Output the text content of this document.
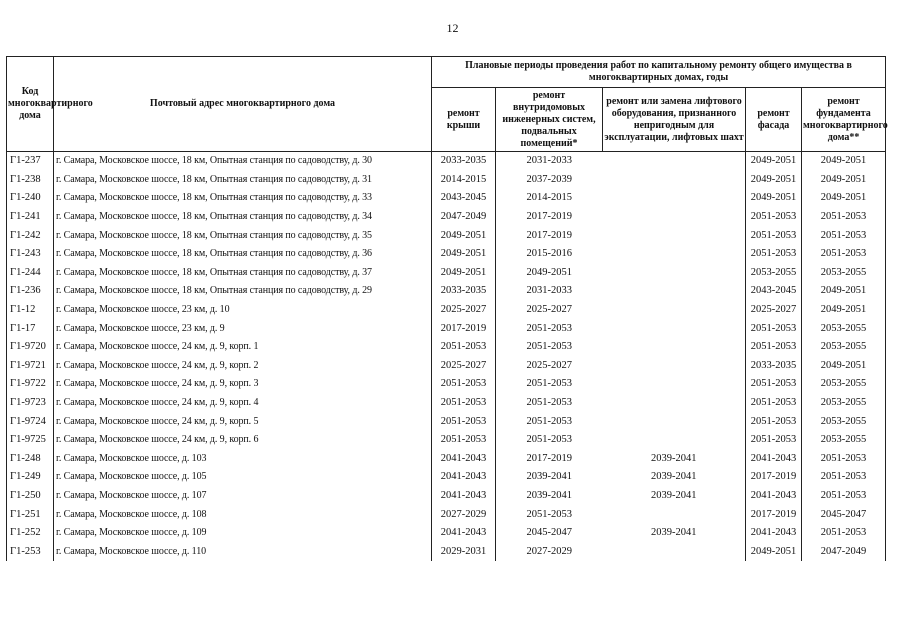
12
Код многоквартирного дома	Почтовый адрес многоквартирного дома	Плановые периоды проведения работ по капитальному ремонту общего имущества в многоквартирных домах, годы				
		ремонт крыши	ремонт внутридомовых инженерных систем, подвальных помещений*	ремонт или замена лифтового оборудования, признанного непригодным для эксплуатации, лифтовых шахт	ремонт фасада	ремонт фундамента многоквартирного дома**
Г1-237	г. Самара, Московское шоссе, 18 км, Опытная станция по садоводству, д. 30	2033-2035	2031-2033		2049-2051	2049-2051
Г1-238	г. Самара, Московское шоссе, 18 км, Опытная станция по садоводству, д. 31	2014-2015	2037-2039		2049-2051	2049-2051
Г1-240	г. Самара, Московское шоссе, 18 км, Опытная станция по садоводству, д. 33	2043-2045	2014-2015		2049-2051	2049-2051
Г1-241	г. Самара, Московское шоссе, 18 км, Опытная станция по садоводству, д. 34	2047-2049	2017-2019		2051-2053	2051-2053
Г1-242	г. Самара, Московское шоссе, 18 км, Опытная станция по садоводству, д. 35	2049-2051	2017-2019		2051-2053	2051-2053
Г1-243	г. Самара, Московское шоссе, 18 км, Опытная станция по садоводству, д. 36	2049-2051	2015-2016		2051-2053	2051-2053
Г1-244	г. Самара, Московское шоссе, 18 км, Опытная станция по садоводству, д. 37	2049-2051	2049-2051		2053-2055	2053-2055
Г1-236	г. Самара, Московское шоссе, 18 км, Опытная станция по садоводству, д. 29	2033-2035	2031-2033		2043-2045	2049-2051
Г1-12	г. Самара, Московское шоссе, 23 км, д. 10	2025-2027	2025-2027		2025-2027	2049-2051
Г1-17	г. Самара, Московское шоссе, 23 км, д. 9	2017-2019	2051-2053		2051-2053	2053-2055
Г1-9720	г. Самара, Московское шоссе, 24 км, д. 9, корп. 1	2051-2053	2051-2053		2051-2053	2053-2055
Г1-9721	г. Самара, Московское шоссе, 24 км, д. 9, корп. 2	2025-2027	2025-2027		2033-2035	2049-2051
Г1-9722	г. Самара, Московское шоссе, 24 км, д. 9, корп. 3	2051-2053	2051-2053		2051-2053	2053-2055
Г1-9723	г. Самара, Московское шоссе, 24 км, д. 9, корп. 4	2051-2053	2051-2053		2051-2053	2053-2055
Г1-9724	г. Самара, Московское шоссе, 24 км, д. 9, корп. 5	2051-2053	2051-2053		2051-2053	2053-2055
Г1-9725	г. Самара, Московское шоссе, 24 км, д. 9, корп. 6	2051-2053	2051-2053		2051-2053	2053-2055
Г1-248	г. Самара, Московское шоссе, д. 103	2041-2043	2017-2019	2039-2041	2041-2043	2051-2053
Г1-249	г. Самара, Московское шоссе, д. 105	2041-2043	2039-2041	2039-2041	2017-2019	2051-2053
Г1-250	г. Самара, Московское шоссе, д. 107	2041-2043	2039-2041	2039-2041	2041-2043	2051-2053
Г1-251	г. Самара, Московское шоссе, д. 108	2027-2029	2051-2053		2017-2019	2045-2047
Г1-252	г. Самара, Московское шоссе, д. 109	2041-2043	2045-2047	2039-2041	2041-2043	2051-2053
Г1-253	г. Самара, Московское шоссе, д. 110	2029-2031	2027-2029		2049-2051	2047-2049
